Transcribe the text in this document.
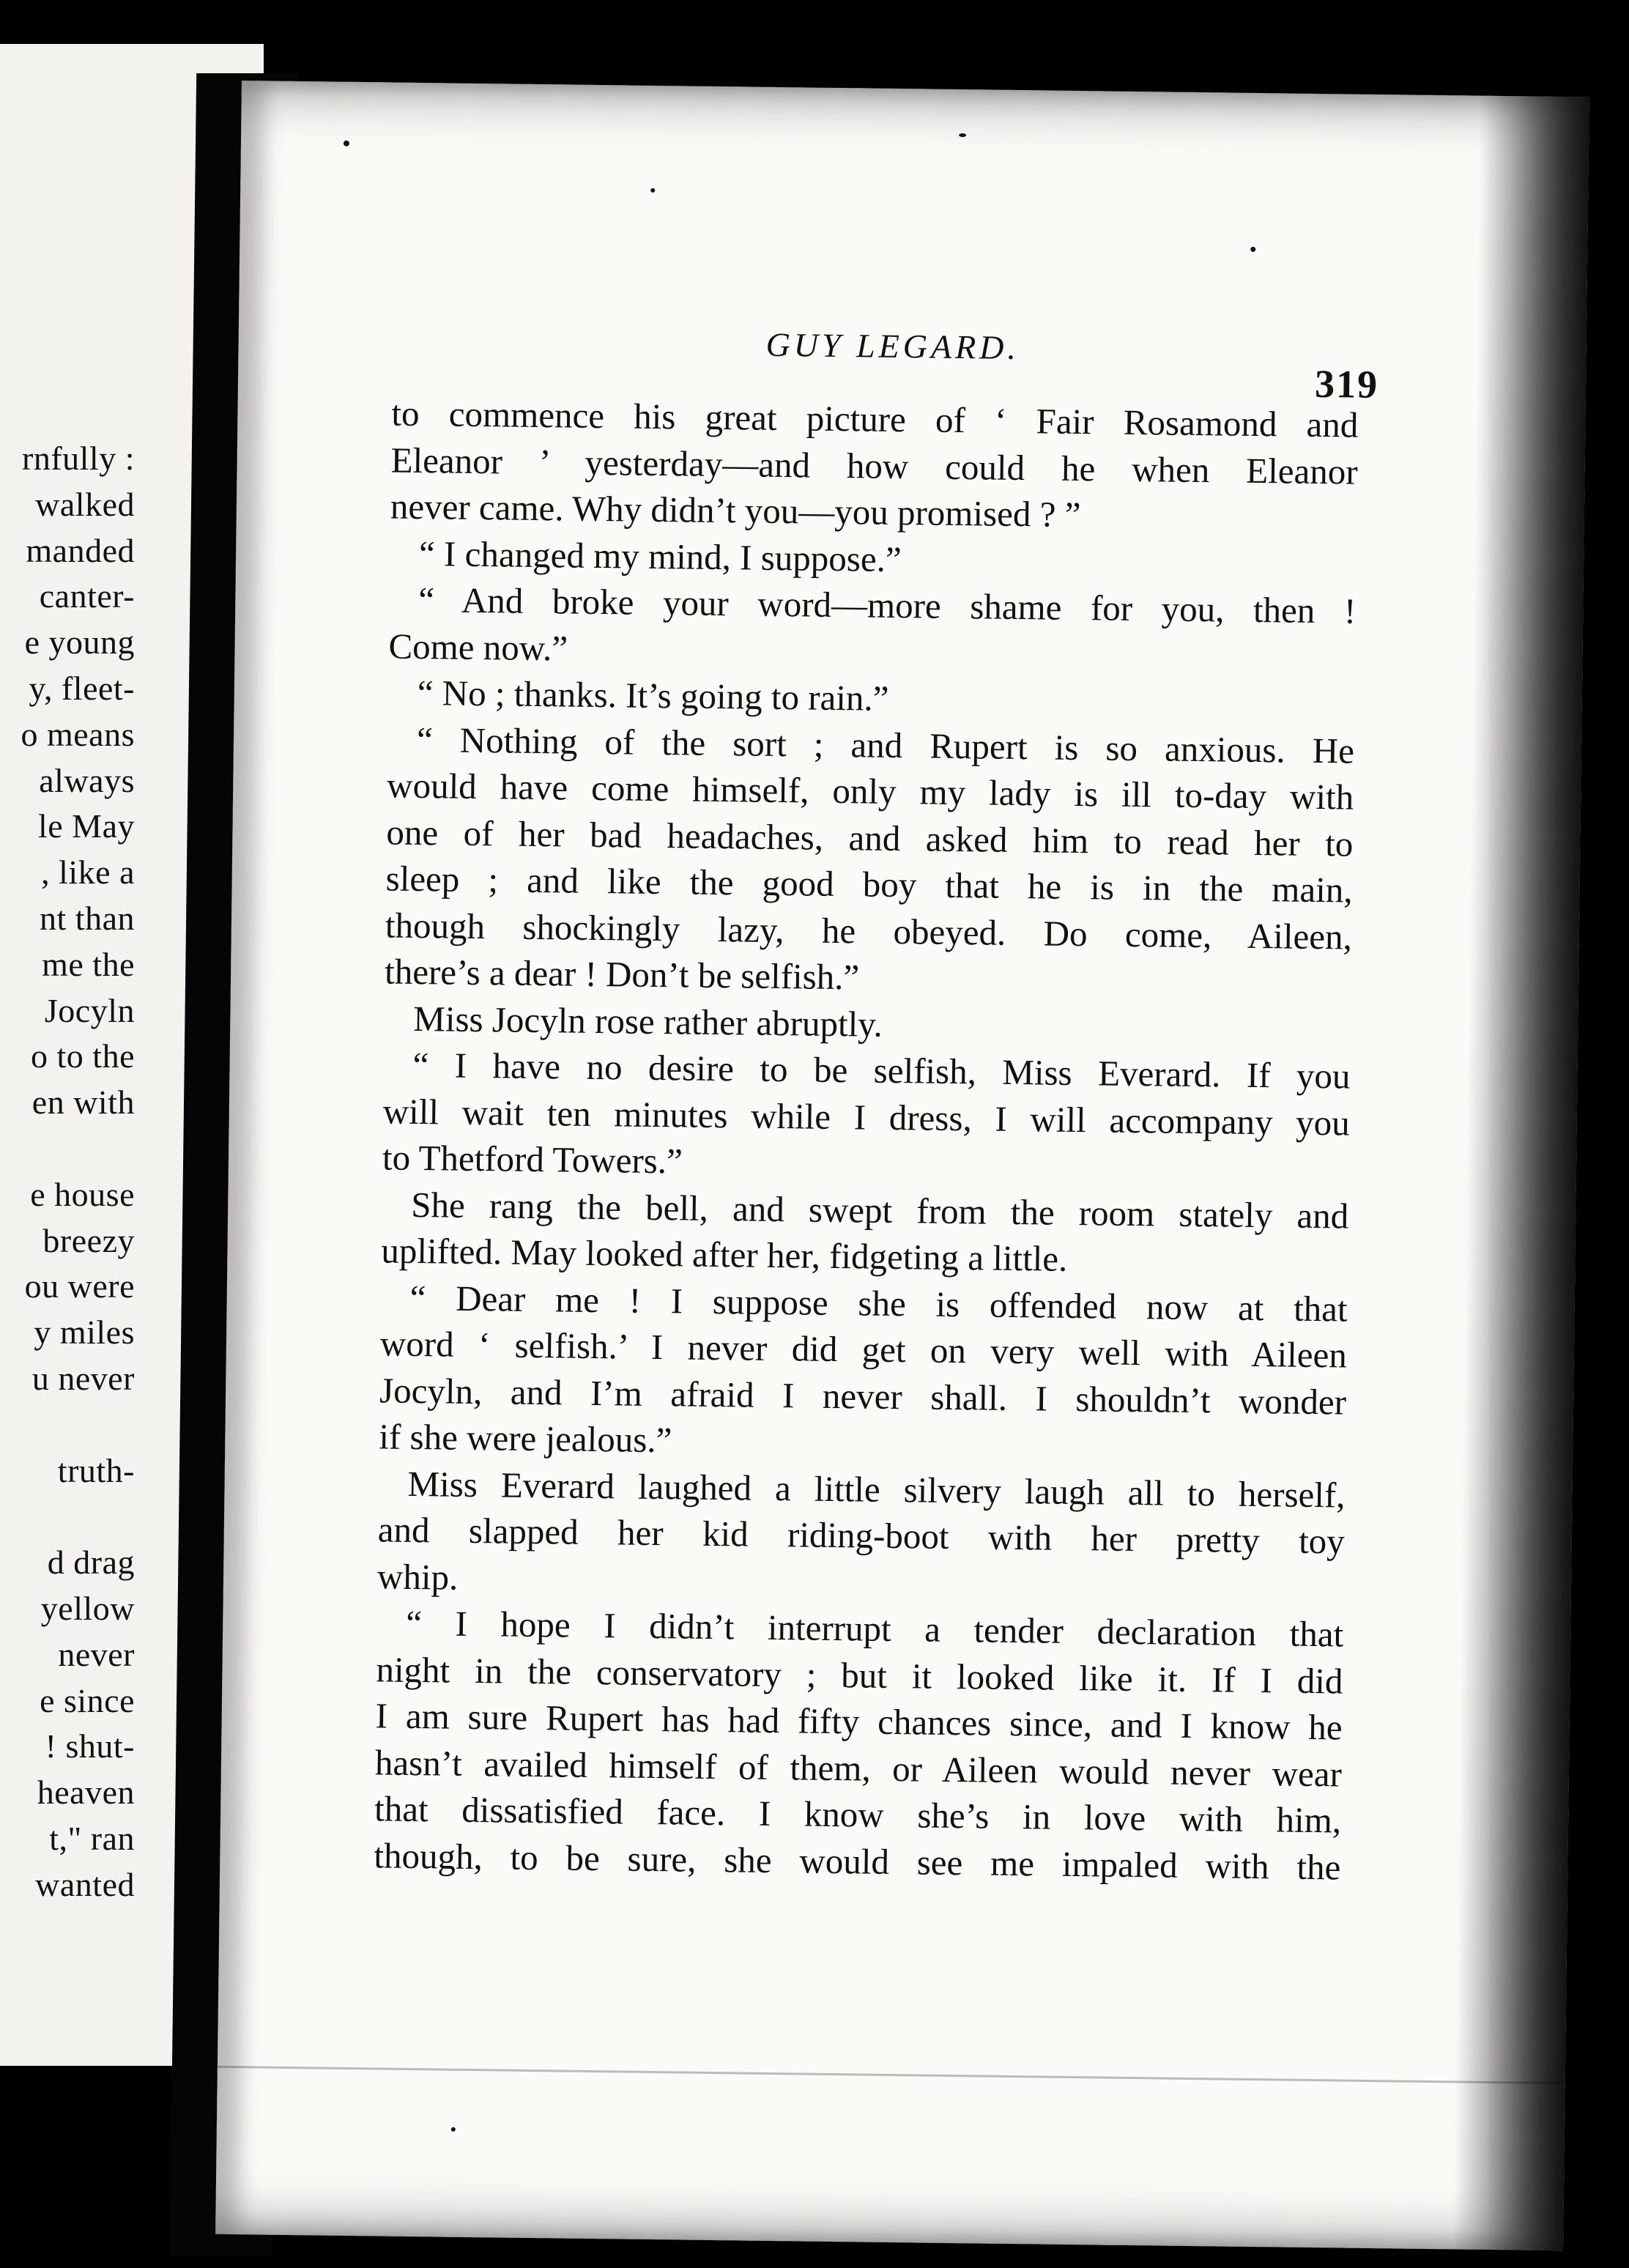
rnfully :
walked
manded
canter-
e young
y, fleet-
o means
always
le May
, like a
nt than
me the
Jocyln
o to the
en with
e house
breezy
ou were
y miles
u never
truth-
d drag
yellow
never
e since
! shut-
heaven
t," ran
wanted
GUY LEGARD.
319
to commence his great picture of ‘ Fair Rosamond and
Eleanor ’ yesterday—and how could he when Eleanor
never came. Why didn’t you—you promised ? ”
“ I changed my mind, I suppose.”
“ And broke your word—more shame for you, then !
Come now.”
“ No ; thanks. It’s going to rain.”
“ Nothing of the sort ; and Rupert is so anxious. He
would have come himself, only my lady is ill to-day with
one of her bad headaches, and asked him to read her to
sleep ; and like the good boy that he is in the main,
though shockingly lazy, he obeyed. Do come, Aileen,
there’s a dear ! Don’t be selfish.”
Miss Jocyln rose rather abruptly.
“ I have no desire to be selfish, Miss Everard. If you
will wait ten minutes while I dress, I will accompany you
to Thetford Towers.”
She rang the bell, and swept from the room stately and
uplifted. May looked after her, fidgeting a little.
“ Dear me ! I suppose she is offended now at that
word ‘ selfish.’ I never did get on very well with Aileen
Jocyln, and I’m afraid I never shall. I shouldn’t wonder
if she were jealous.”
Miss Everard laughed a little silvery laugh all to herself,
and slapped her kid riding-boot with her pretty toy
whip.
“ I hope I didn’t interrupt a tender declaration that
night in the conservatory ; but it looked like it. If I did
I am sure Rupert has had fifty chances since, and I know he
hasn’t availed himself of them, or Aileen would never wear
that dissatisfied face. I know she’s in love with him,
though, to be sure, she would see me impaled with the
